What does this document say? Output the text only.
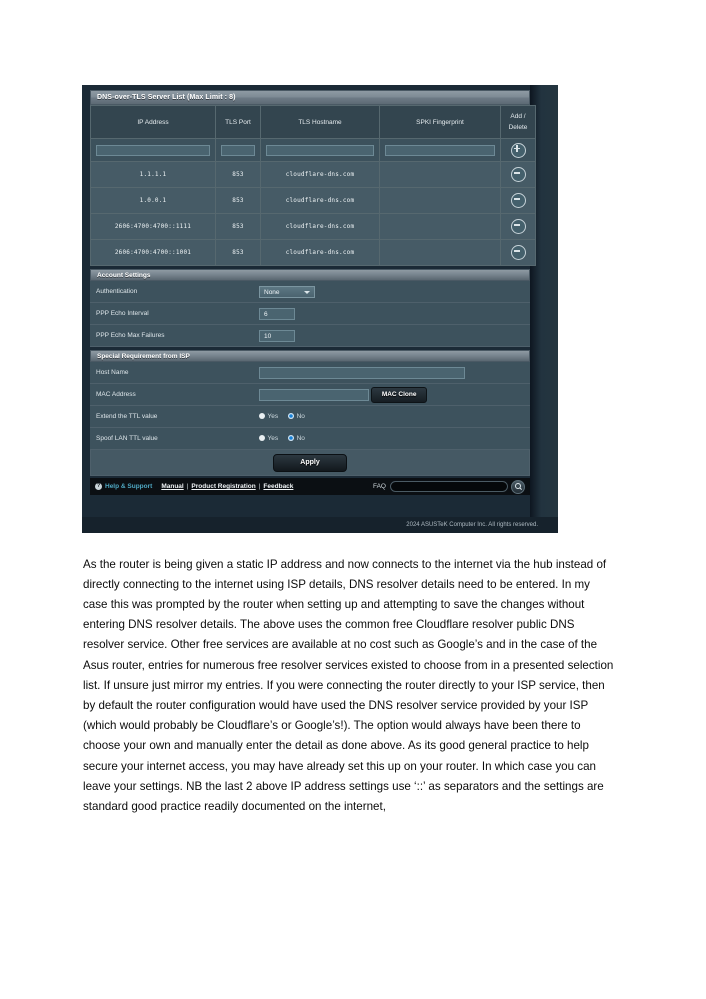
DNS-over-TLS Server List (Max Limit : 8)
IP Address	TLS Port	TLS Hostname	SPKI Fingerprint	Add /
Delete

1.1.1.1	853	cloudflare-dns.com		
1.0.0.1	853	cloudflare-dns.com		
2606:4700:4700::1111	853	cloudflare-dns.com		
2606:4700:4700::1001	853	cloudflare-dns.com		
Account Settings
Authentication	None

PPP Echo Interval	6
PPP Echo Max Failures	10
Special Requirement from ISP
Host Name	
MAC Address	MAC Clone
Extend the TTL value	Yes No
Spoof LAN TTL value	Yes No
Apply
? Help & Support Manual | Product Registration | Feedback	FAQ
2024 ASUSTeK Computer Inc. All rights reserved.

As the router is being given a static IP address and now connects to the internet via the hub instead of directly connecting to the internet using ISP details, DNS resolver details need to be entered. In my case this was prompted by the router when setting up and attempting to save the changes without entering DNS resolver details. The above uses the common free Cloudflare resolver public DNS resolver service. Other free services are available at no cost such as Google’s and in the case of the Asus router, entries for numerous free resolver services existed to choose from in a presented selection list. If unsure just mirror my entries. If you were connecting the router directly to your ISP service, then by default the router configuration would have used the DNS resolver service provided by your ISP (which would probably be Cloudflare’s or Google’s!). The option would always have been there to choose your own and manually enter the detail as done above. As its good general practice to help secure your internet access, you may have already set this up on your router. In which case you can leave your settings. NB the last 2 above IP address settings use ‘::’ as separators and the settings are standard good practice readily documented on the internet,
